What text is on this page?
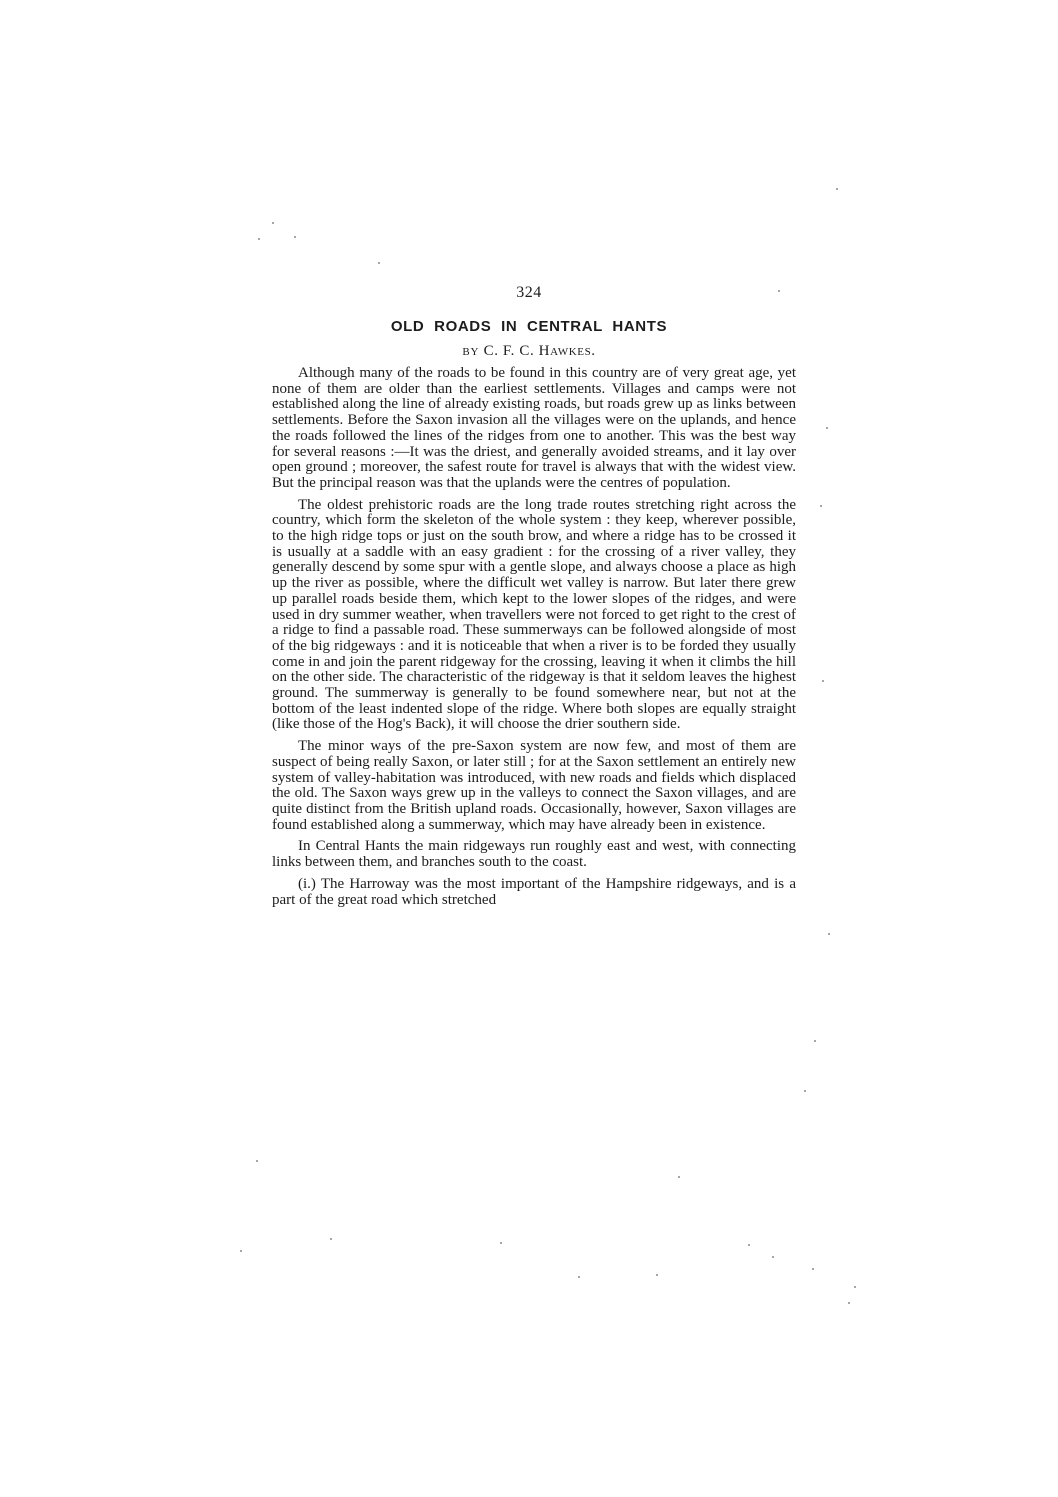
324
OLD ROADS IN CENTRAL HANTS
BY C. F. C. Hawkes.

Although many of the roads to be found in this country are of very great age, yet none of them are older than the earliest settlements. Villages and camps were not established along the line of already existing roads, but roads grew up as links between settlements. Before the Saxon invasion all the villages were on the uplands, and hence the roads followed the lines of the ridges from one to another. This was the best way for several reasons :—It was the driest, and generally avoided streams, and it lay over open ground ; moreover, the safest route for travel is always that with the widest view. But the principal reason was that the uplands were the centres of population.

The oldest prehistoric roads are the long trade routes stretching right across the country, which form the skeleton of the whole system : they keep, wherever possible, to the high ridge tops or just on the south brow, and where a ridge has to be crossed it is usually at a saddle with an easy gradient : for the crossing of a river valley, they generally descend by some spur with a gentle slope, and always choose a place as high up the river as possible, where the difficult wet valley is narrow. But later there grew up parallel roads beside them, which kept to the lower slopes of the ridges, and were used in dry summer weather, when travellers were not forced to get right to the crest of a ridge to find a passable road. These summerways can be followed alongside of most of the big ridgeways : and it is noticeable that when a river is to be forded they usually come in and join the parent ridgeway for the crossing, leaving it when it climbs the hill on the other side. The characteristic of the ridgeway is that it seldom leaves the highest ground. The summerway is generally to be found somewhere near, but not at the bottom of the least indented slope of the ridge. Where both slopes are equally straight (like those of the Hog's Back), it will choose the drier southern side.

The minor ways of the pre-Saxon system are now few, and most of them are suspect of being really Saxon, or later still ; for at the Saxon settlement an entirely new system of valley-habitation was introduced, with new roads and fields which displaced the old. The Saxon ways grew up in the valleys to connect the Saxon villages, and are quite distinct from the British upland roads. Occasionally, however, Saxon villages are found established along a summerway, which may have already been in existence.

In Central Hants the main ridgeways run roughly east and west, with connecting links between them, and branches south to the coast.

(i.) The Harroway was the most important of the Hampshire ridgeways, and is a part of the great road which stretched
